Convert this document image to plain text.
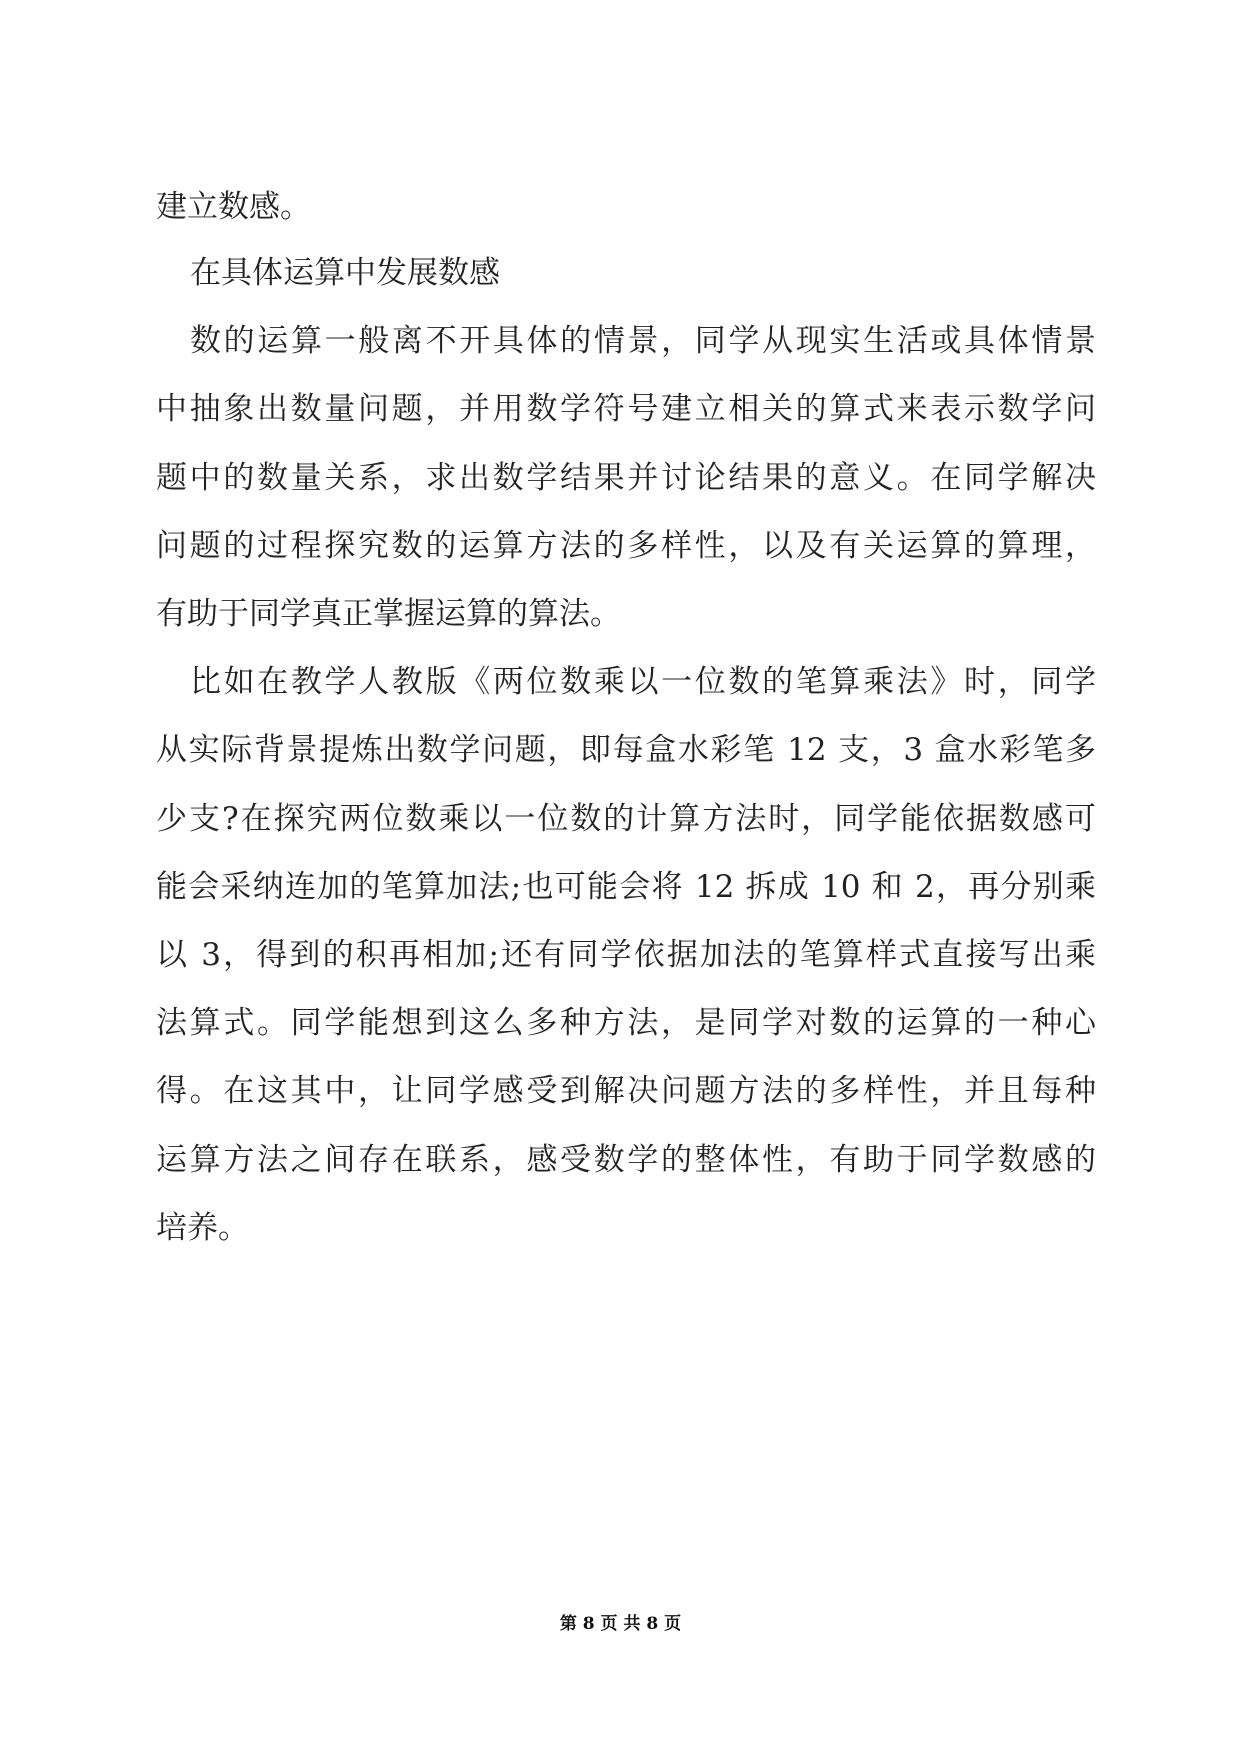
建立数感。
在具体运算中发展数感
数的运算一般离不开具体的情景，同学从现实生活或具体情景
中抽象出数量问题，并用数学符号建立相关的算式来表示数学问
题中的数量关系，求出数学结果并讨论结果的意义。在同学解决
问题的过程探究数的运算方法的多样性，以及有关运算的算理，
有助于同学真正掌握运算的算法。
比如在教学人教版《两位数乘以一位数的笔算乘法》时，同学
从实际背景提炼出数学问题，即每盒水彩笔 12 支，3 盒水彩笔多
少支?在探究两位数乘以一位数的计算方法时，同学能依据数感可
能会采纳连加的笔算加法;也可能会将 12 拆成 10 和 2，再分别乘
以 3，得到的积再相加;还有同学依据加法的笔算样式直接写出乘
法算式。同学能想到这么多种方法，是同学对数的运算的一种心
得。在这其中，让同学感受到解决问题方法的多样性，并且每种
运算方法之间存在联系，感受数学的整体性，有助于同学数感的
培养。
第 8 页 共 8 页
